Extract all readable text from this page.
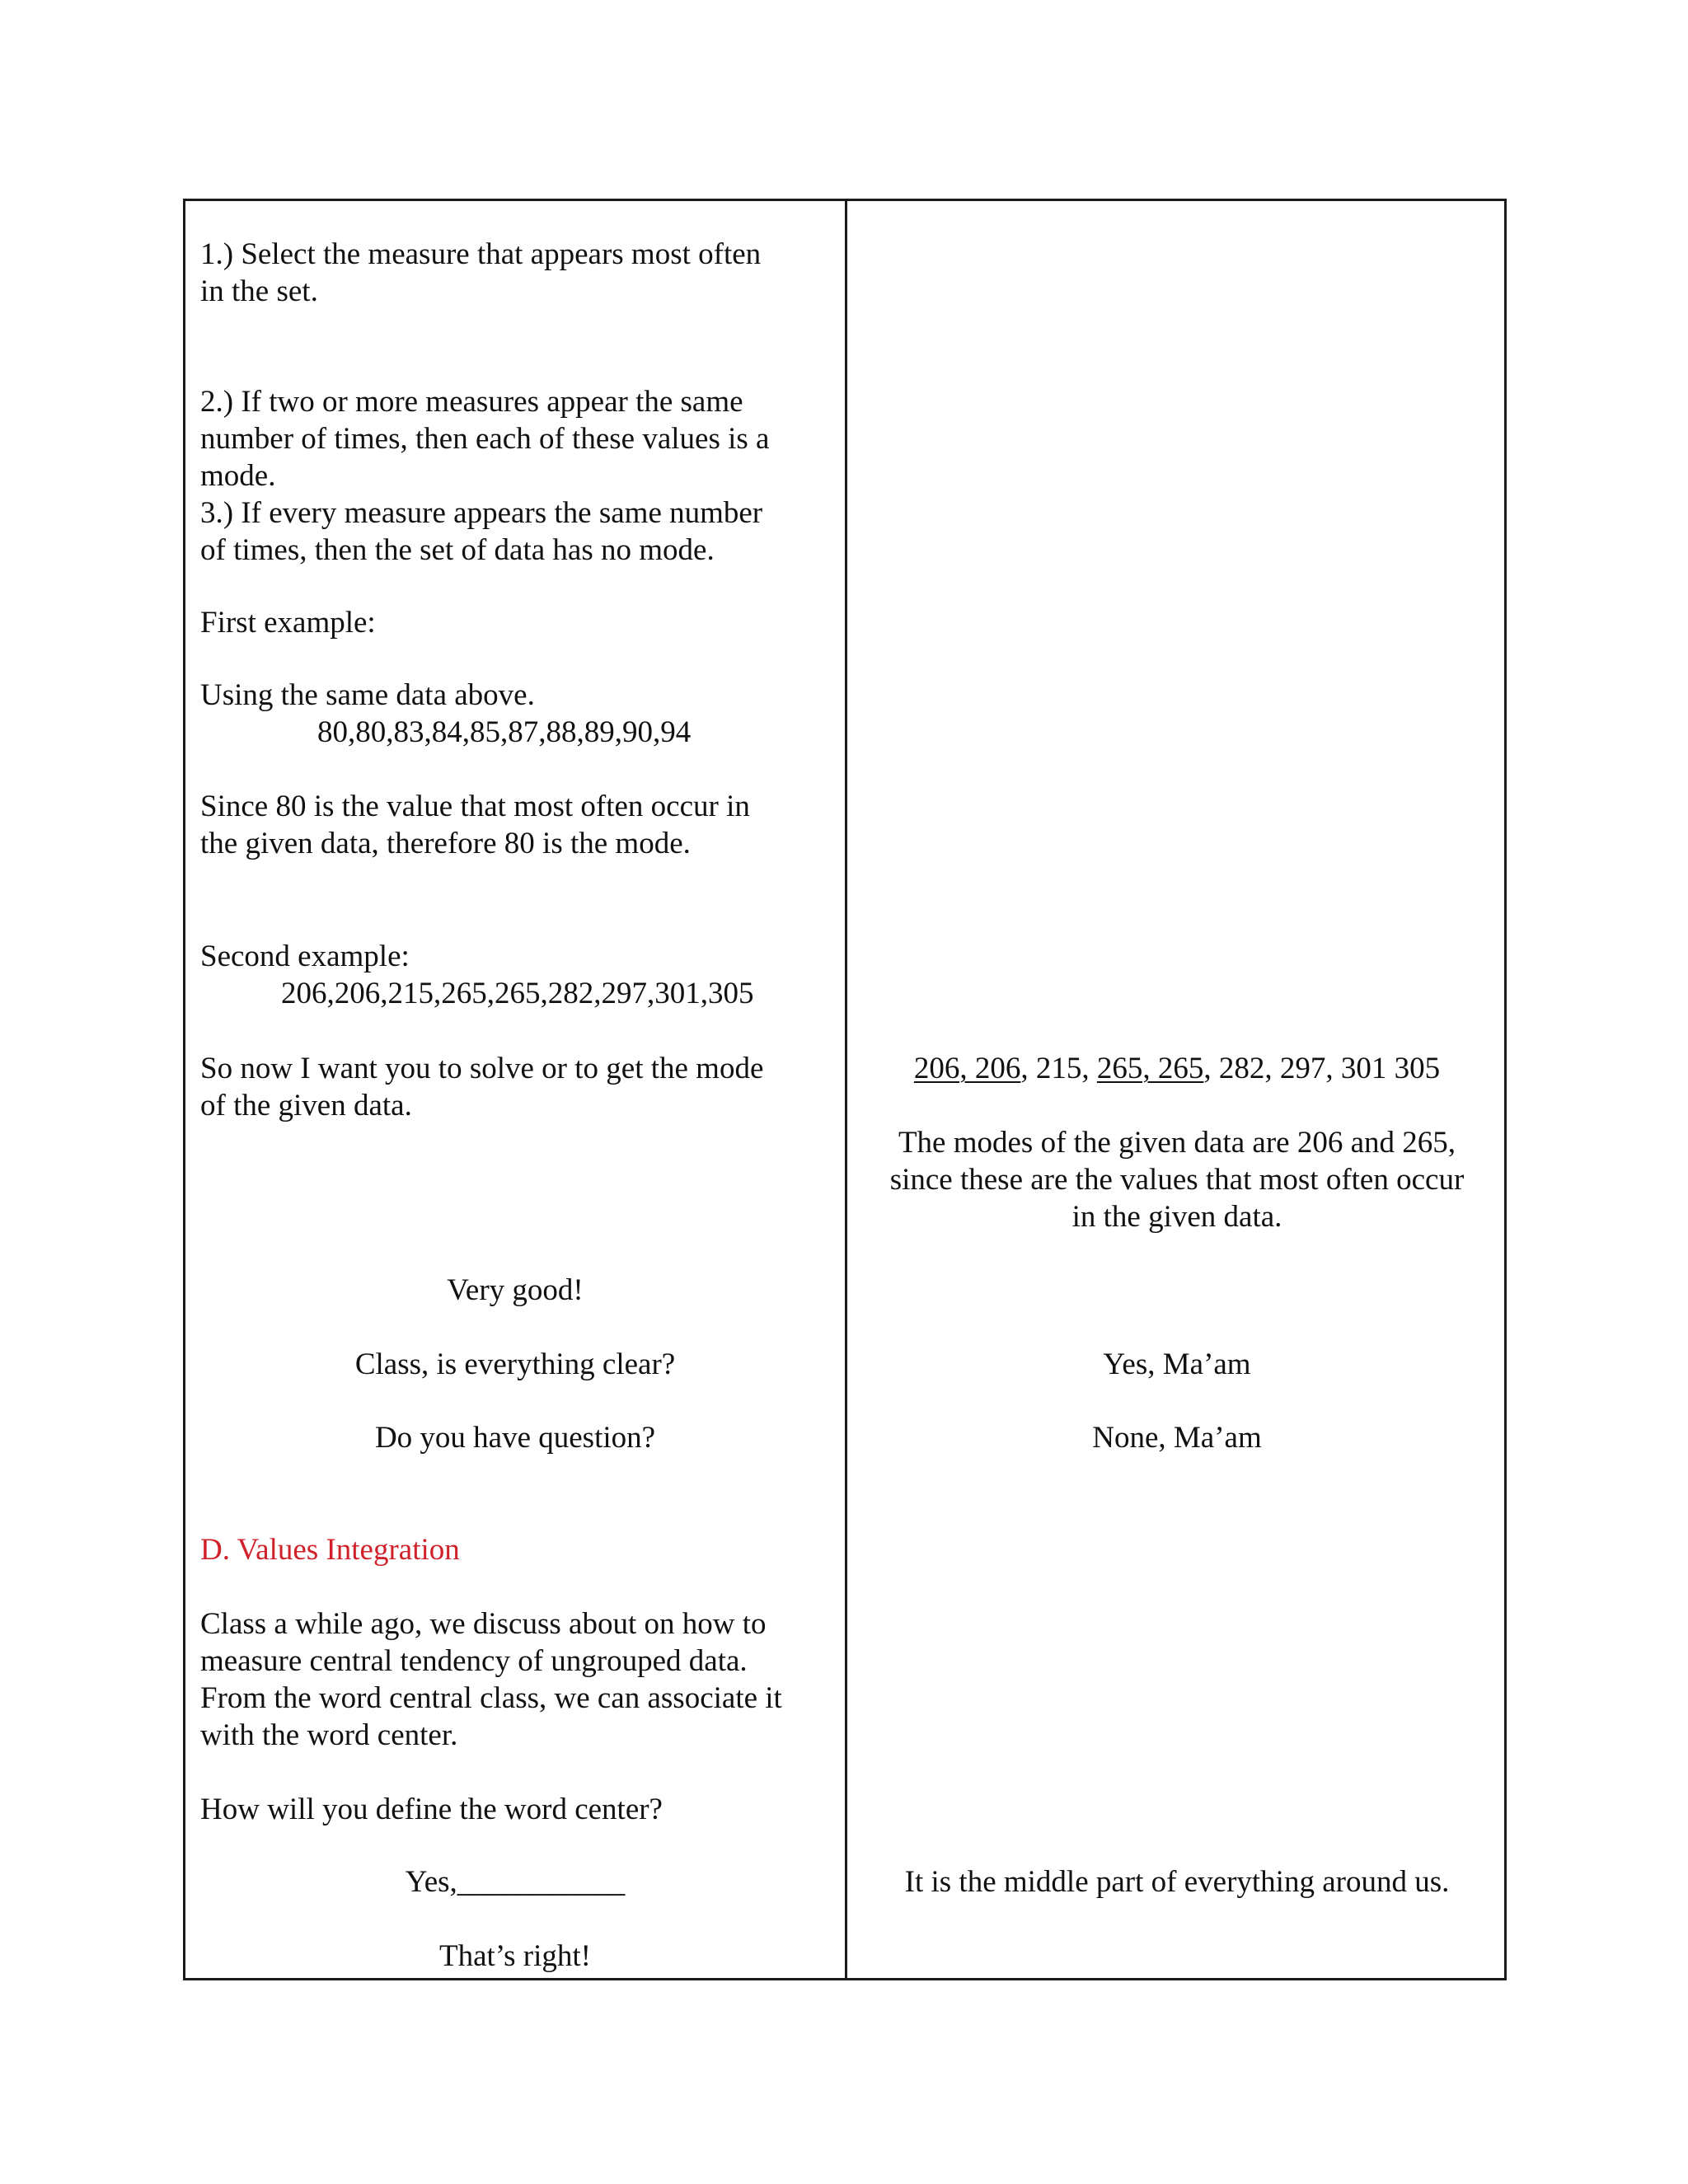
1.) Select the measure that appears most often

in the set.

2.) If two or more measures appear the same

number of times, then each of these values is a

mode.

3.) If every measure appears the same number

of times, then the set of data has no mode.

First example:

Using the same data above.

80,80,83,84,85,87,88,89,90,94

Since 80 is the value that most often occur in

the given data, therefore 80 is the mode.

Second example:

206,206,215,265,265,282,297,301,305

So now I want you to solve or to get the mode

of the given data.

Very good!

Class, is everything clear?

Do you have question?

D. Values Integration

Class a while ago, we discuss about on how to

measure central tendency of ungrouped data.

From the word central class, we can associate it

with the word center.

How will you define the word center?

Yes,___________

That’s right!

206, 206, 215, 265, 265, 282, 297, 301 305

The modes of the given data are 206 and 265,

since these are the values that most often occur

in the given data.

Yes, Ma’am

None, Ma’am

It is the middle part of everything around us.
